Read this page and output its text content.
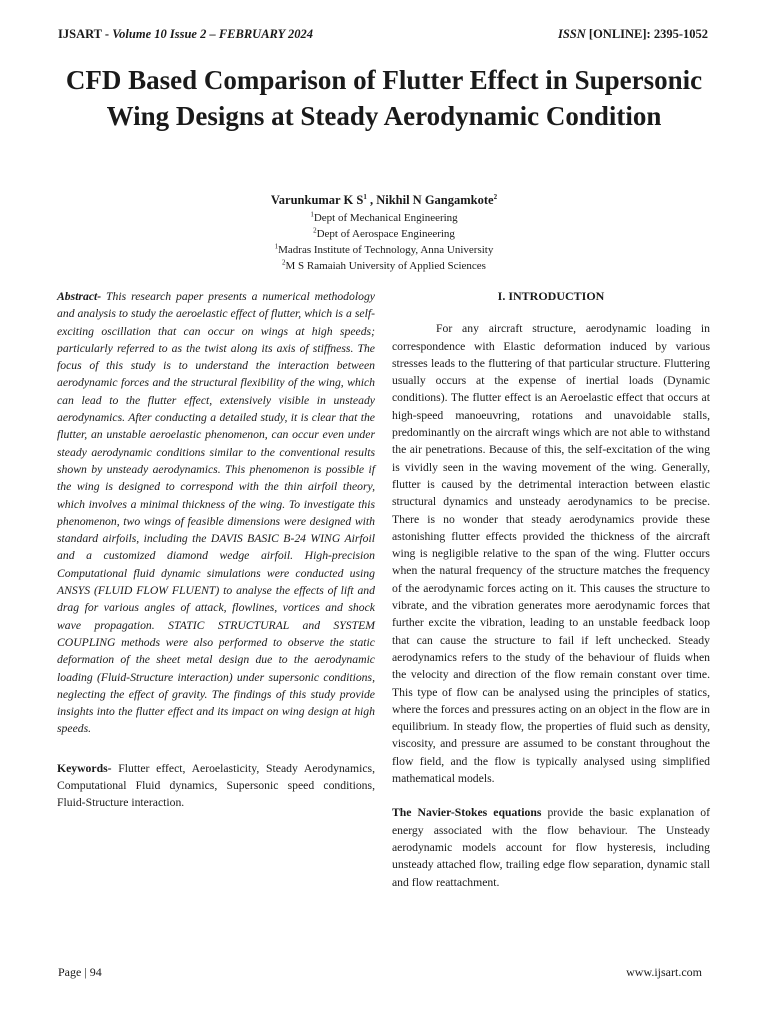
IJSART - Volume 10 Issue 2 – FEBRUARY 2024	ISSN [ONLINE]: 2395-1052
CFD Based Comparison of Flutter Effect in Supersonic Wing Designs at Steady Aerodynamic Condition
Varunkumar K $S^1$ , Nikhil N Gangamkote$^2$
$^1$Dept of Mechanical Engineering
$^2$Dept of Aerospace Engineering
$^1$Madras Institute of Technology, Anna University
$^2$M S Ramaiah University of Applied Sciences

Abstract- This research paper presents a numerical methodology and analysis to study the aeroelastic effect of flutter, which is a self-exciting oscillation that can occur on wings at high speeds; particularly referred to as the twist along its axis of stiffness. The focus of this study is to understand the interaction between aerodynamic forces and the structural flexibility of the wing, which can lead to the flutter effect, extensively visible in unsteady aerodynamics. After conducting a detailed study, it is clear that the flutter, an unstable aeroelastic phenomenon, can occur even under steady aerodynamic conditions similar to the conventional results shown by unsteady aerodynamics. This phenomenon is possible if the wing is designed to correspond with the thin airfoil theory, which involves a minimal thickness of the wing. To investigate this phenomenon, two wings of feasible dimensions were designed with standard airfoils, including the DAVIS BASIC B-24 WING Airfoil and a customized diamond wedge airfoil. High-precision Computational fluid dynamic simulations were conducted using ANSYS (FLUID FLOW FLUENT) to analyse the effects of lift and drag for various angles of attack, flowlines, vortices and shock wave propagation. STATIC STRUCTURAL and SYSTEM COUPLING methods were also performed to observe the static deformation of the sheet metal design due to the aerodynamic loading (Fluid-Structure interaction) under supersonic conditions, neglecting the effect of gravity. The findings of this study provide insights into the flutter effect and its impact on wing design at high speeds.

Keywords- Flutter effect, Aeroelasticity, Steady Aerodynamics, Computational Fluid dynamics, Supersonic speed conditions, Fluid-Structure interaction.

I. INTRODUCTION

For any aircraft structure, aerodynamic loading in correspondence with Elastic deformation induced by various stresses leads to the fluttering of that particular structure. Fluttering usually occurs at the expense of inertial loads (Dynamic conditions). The flutter effect is an Aeroelastic effect that occurs at high-speed manoeuvring, rotations and unavoidable stalls, predominantly on the aircraft wings which are not able to withstand the air penetrations. Because of this, the self-excitation of the wing is vividly seen in the waving movement of the wing. Generally, flutter is caused by the detrimental interaction between elastic structural dynamics and unsteady aerodynamics to be precise. There is no wonder that steady aerodynamics provide these astonishing flutter effects provided the thickness of the aircraft wing is negligible relative to the span of the wing. Flutter occurs when the natural frequency of the structure matches the frequency of the aerodynamic forces acting on it. This causes the structure to vibrate, and the vibration generates more aerodynamic forces that further excite the vibration, leading to an unstable feedback loop that can cause the structure to fail if left unchecked. Steady aerodynamics refers to the study of the behaviour of fluids when the velocity and direction of the flow remain constant over time. This type of flow can be analysed using the principles of statics, where the forces and pressures acting on an object in the flow are in equilibrium. In steady flow, the properties of fluid such as density, viscosity, and pressure are assumed to be constant throughout the flow field, and the flow is typically analysed using simplified mathematical models.

The Navier-Stokes equations provide the basic explanation of energy associated with the flow behaviour. The Unsteady aerodynamic models account for flow hysteresis, including unsteady attached flow, trailing edge flow separation, dynamic stall and flow reattachment.

Page | 94	www.ijsart.com
